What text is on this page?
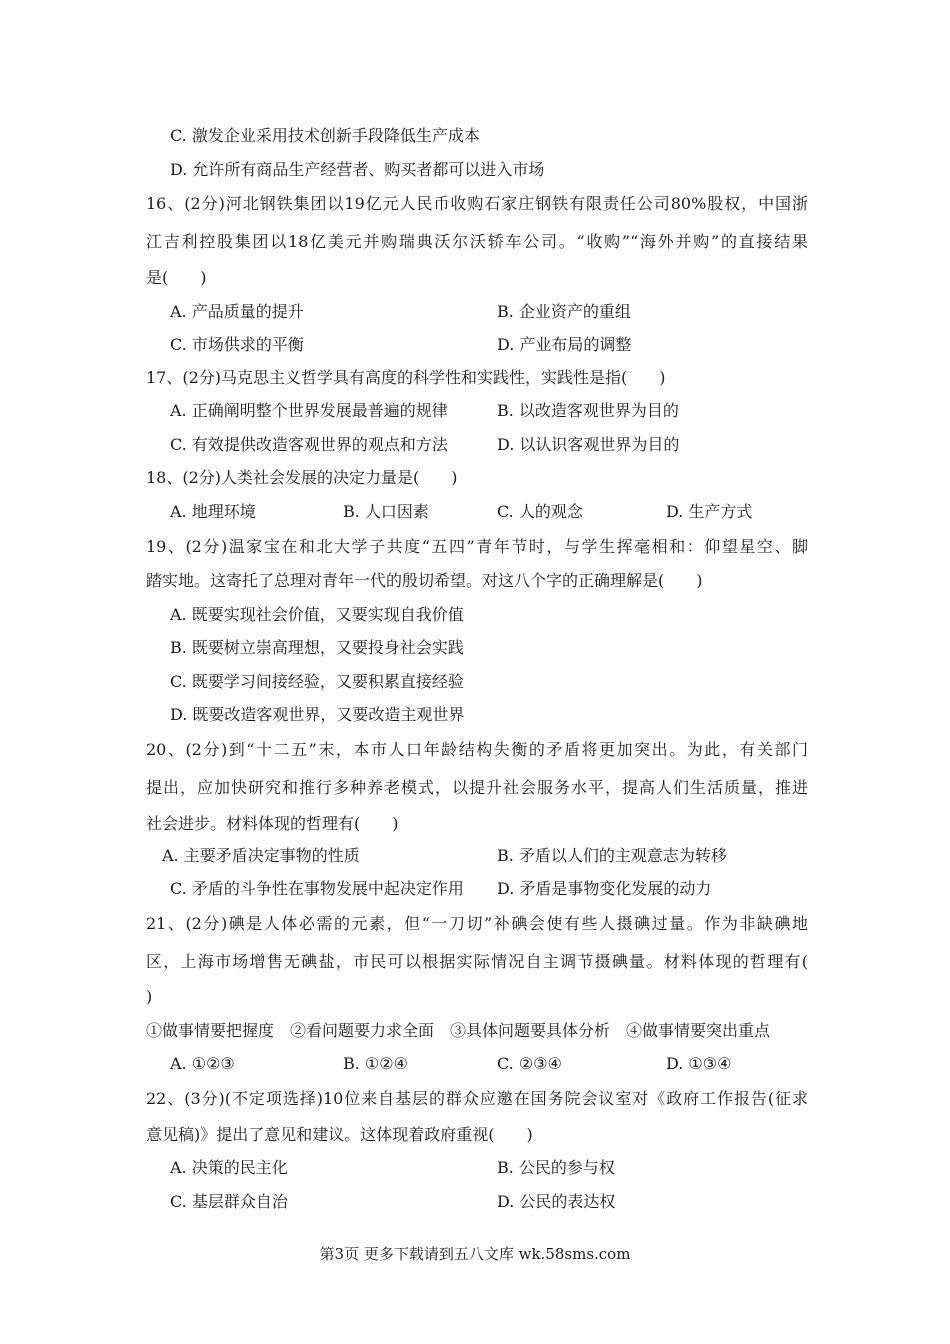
C. 激发企业采用技术创新手段降低生产成本
D. 允许所有商品生产经营者、购买者都可以进入市场
16、(2分)河北钢铁集团以19亿元人民币收购石家庄钢铁有限责任公司80%股权，中国浙
江吉利控股集团以18亿美元并购瑞典沃尔沃轿车公司。“收购”“海外并购”的直接结果
是(　　)
A. 产品质量的提升	B. 企业资产的重组
C. 市场供求的平衡	D. 产业布局的调整
17、(2分)马克思主义哲学具有高度的科学性和实践性，实践性是指(　　)
A. 正确阐明整个世界发展最普遍的规律	B. 以改造客观世界为目的
C. 有效提供改造客观世界的观点和方法	D. 以认识客观世界为目的
18、(2分)人类社会发展的决定力量是(　　)
A. 地理环境	B. 人口因素	C. 人的观念	D. 生产方式
19、(2分)温家宝在和北大学子共度“五四”青年节时，与学生挥毫相和：仰望星空、脚
踏实地。这寄托了总理对青年一代的殷切希望。对这八个字的正确理解是(　　)
A. 既要实现社会价值，又要实现自我价值
B. 既要树立崇高理想，又要投身社会实践
C. 既要学习间接经验，又要积累直接经验
D. 既要改造客观世界，又要改造主观世界
20、(2分)到“十二五”末，本市人口年龄结构失衡的矛盾将更加突出。为此，有关部门
提出，应加快研究和推行多种养老模式，以提升社会服务水平，提高人们生活质量，推进
社会进步。材料体现的哲理有(　　)
A. 主要矛盾决定事物的性质	B. 矛盾以人们的主观意志为转移
C. 矛盾的斗争性在事物发展中起决定作用 D. 矛盾是事物变化发展的动力
21、(2分)碘是人体必需的元素，但“一刀切”补碘会使有些人摄碘过量。作为非缺碘地
区，上海市场增售无碘盐，市民可以根据实际情况自主调节摄碘量。材料体现的哲理有(
)
①做事情要把握度　②看问题要力求全面　③具体问题要具体分析　④做事情要突出重点
A. ①②③	B. ①②④	C. ②③④	D. ①③④
22、(3分)(不定项选择)10位来自基层的群众应邀在国务院会议室对《政府工作报告(征求
意见稿)》提出了意见和建议。这体现着政府重视(　　)
A. 决策的民主化	B. 公民的参与权
C. 基层群众自治	D. 公民的表达权
第3页 更多下载请到五八文库 wk.58sms.com
